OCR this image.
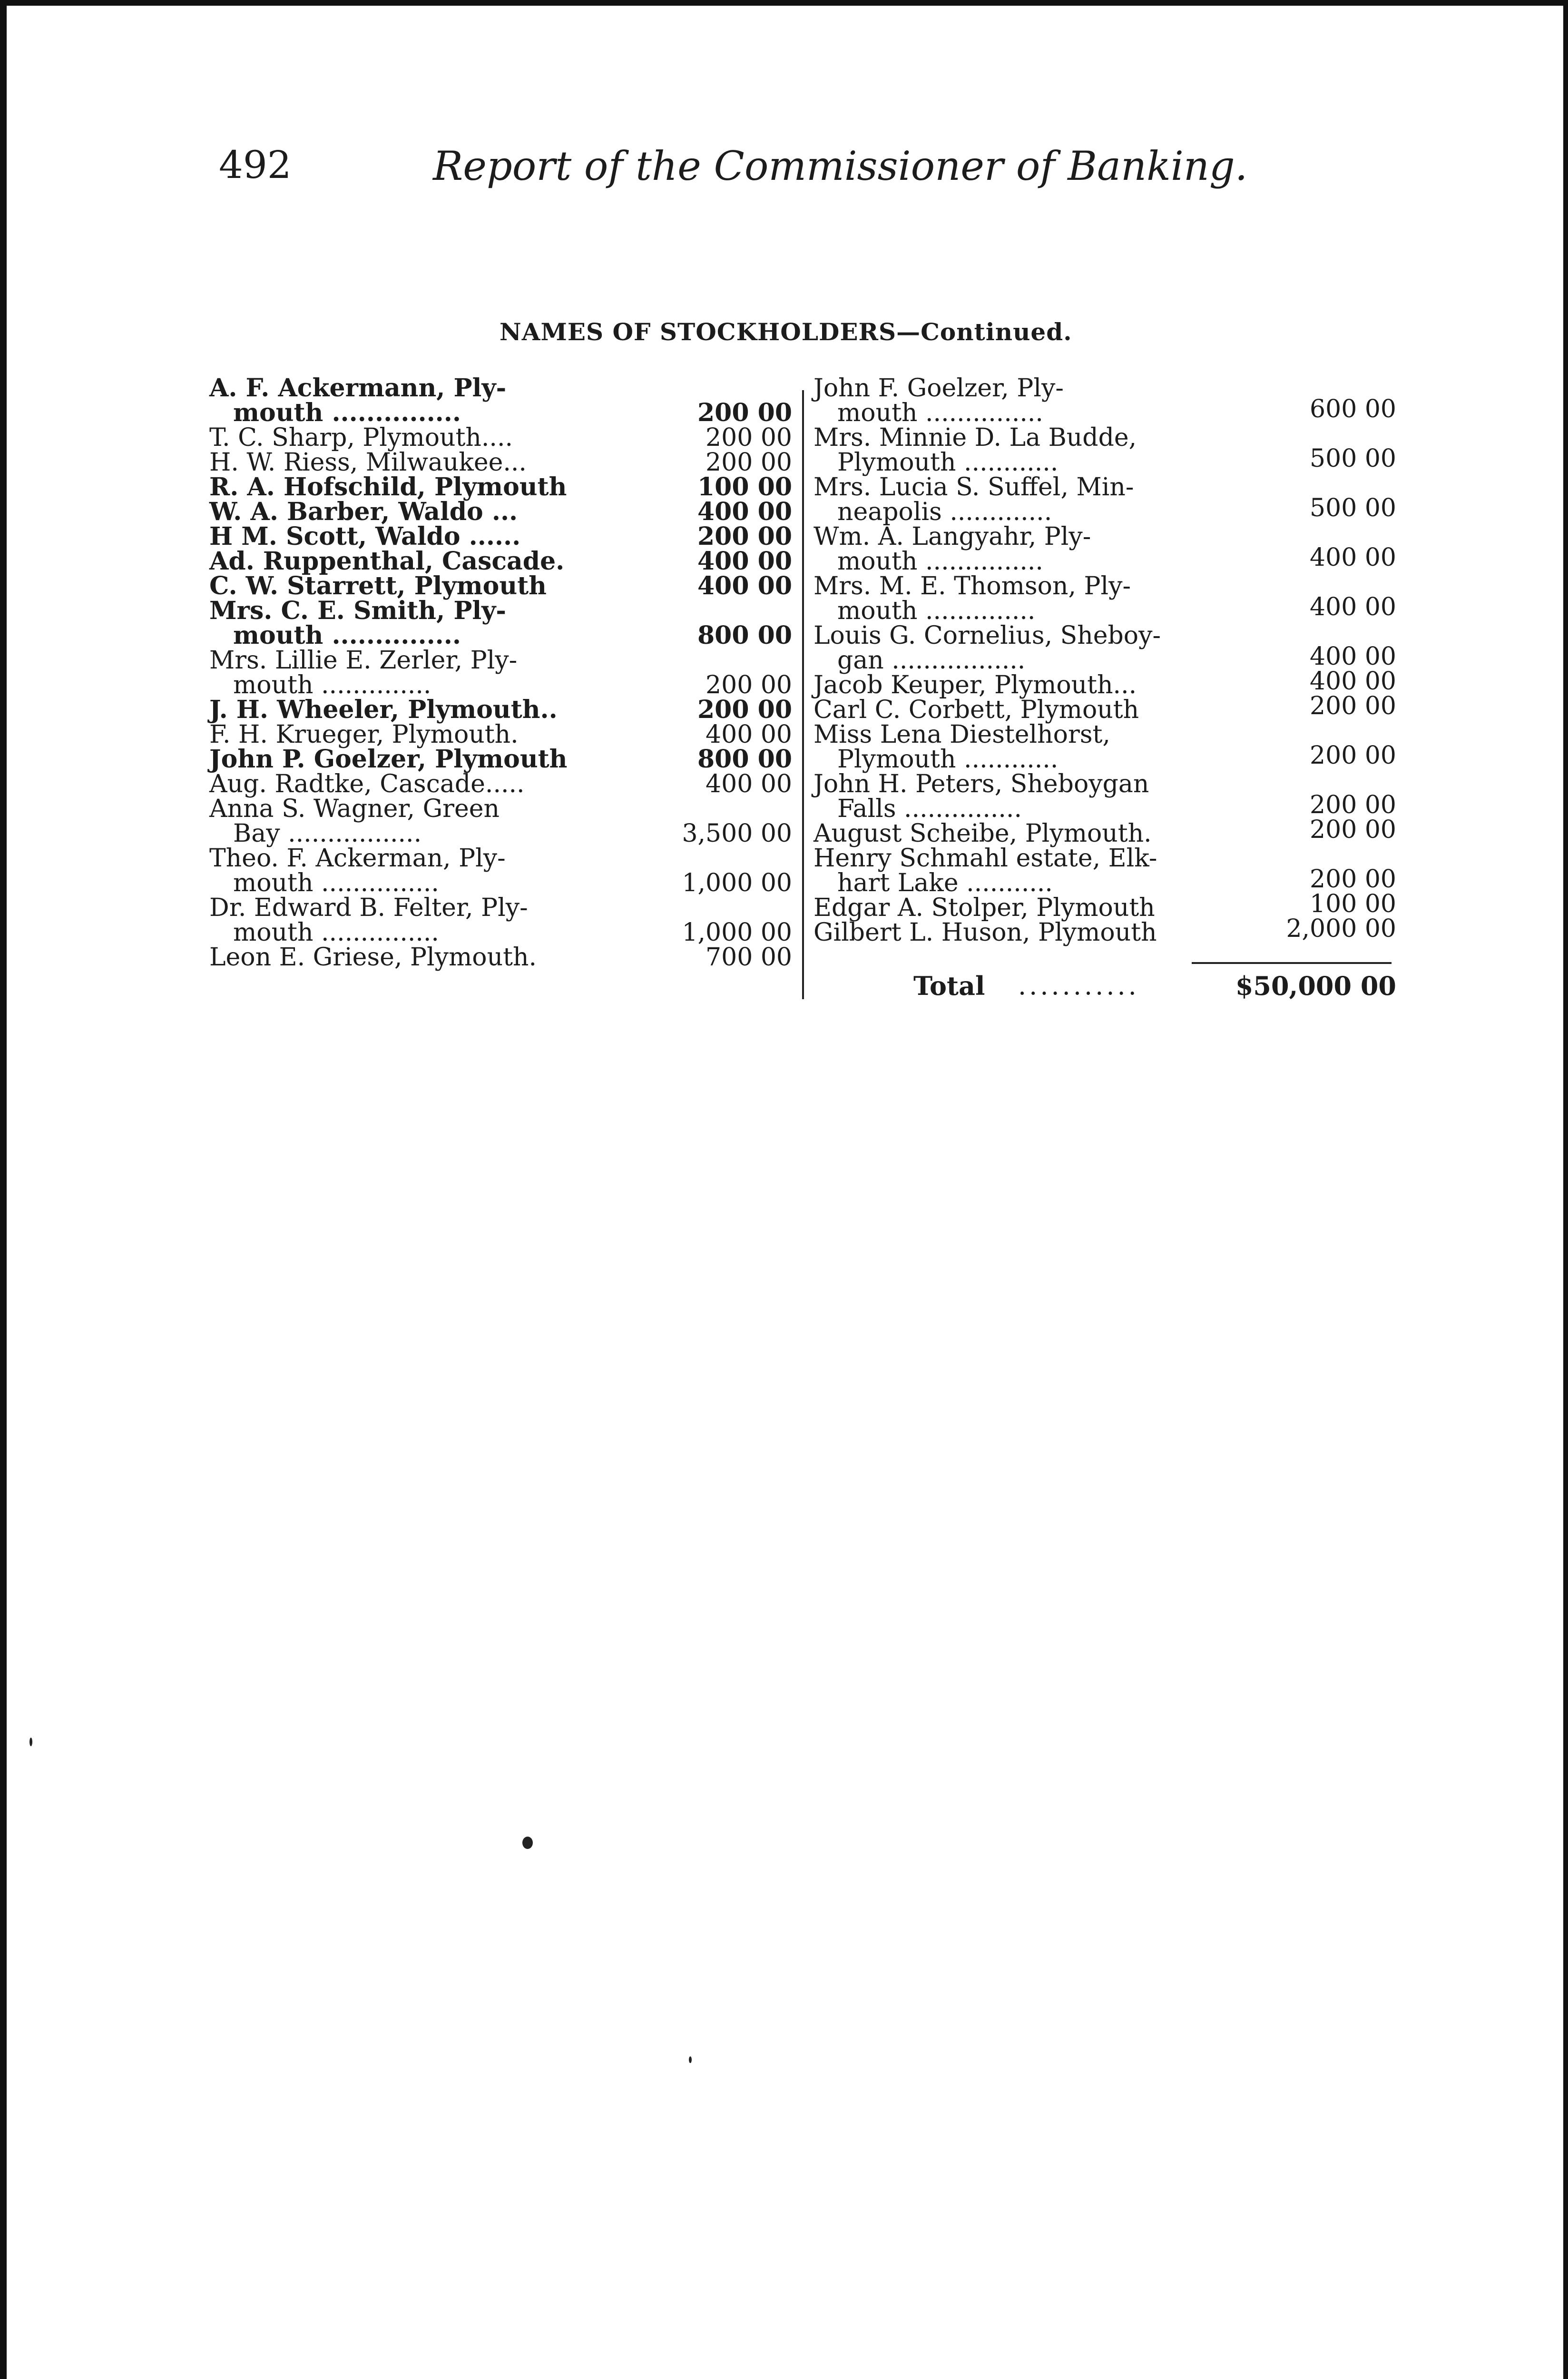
492	Report of the Commissioner of Banking.
NAMES OF STOCKHOLDERS—Continued.
A. F. Ackermann, Ply-
mouth ...............	200 00
T. C. Sharp, Plymouth....	200 00
H. W. Riess, Milwaukee...	200 00
R. A. Hofschild, Plymouth	100 00
W. A. Barber, Waldo ...	400 00
H M. Scott, Waldo ......	200 00
Ad. Ruppenthal, Cascade.	400 00
C. W. Starrett, Plymouth	400 00
Mrs. C. E. Smith, Ply-
mouth ...............	800 00
Mrs. Lillie E. Zerler, Ply-
mouth ..............	200 00
J. H. Wheeler, Plymouth..	200 00
F. H. Krueger, Plymouth.	400 00
John P. Goelzer, Plymouth	800 00
Aug. Radtke, Cascade.....	400 00
Anna S. Wagner, Green
Bay .................	3,500 00
Theo. F. Ackerman, Ply-
mouth ...............	1,000 00
Dr. Edward B. Felter, Ply-
mouth ...............	1,000 00
Leon E. Griese, Plymouth.	700 00
John F. Goelzer, Ply-
mouth ...............	600 00
Mrs. Minnie D. La Budde,
Plymouth ............	500 00
Mrs. Lucia S. Suffel, Min-
neapolis .............	500 00
Wm. A. Langyahr, Ply-
mouth ...............	400 00
Mrs. M. E. Thomson, Ply-
mouth ..............	400 00
Louis G. Cornelius, Sheboy-
gan .................	400 00
Jacob Keuper, Plymouth...	400 00
Carl C. Corbett, Plymouth	200 00
Miss Lena Diestelhorst,
Plymouth ............	200 00
John H. Peters, Sheboygan
Falls ...............	200 00
August Scheibe, Plymouth.	200 00
Henry Schmahl estate, Elk-
hart Lake ...........	200 00
Edgar A. Stolper, Plymouth	100 00
Gilbert L. Huson, Plymouth	2,000 00
Total ...........	$50,000 00
